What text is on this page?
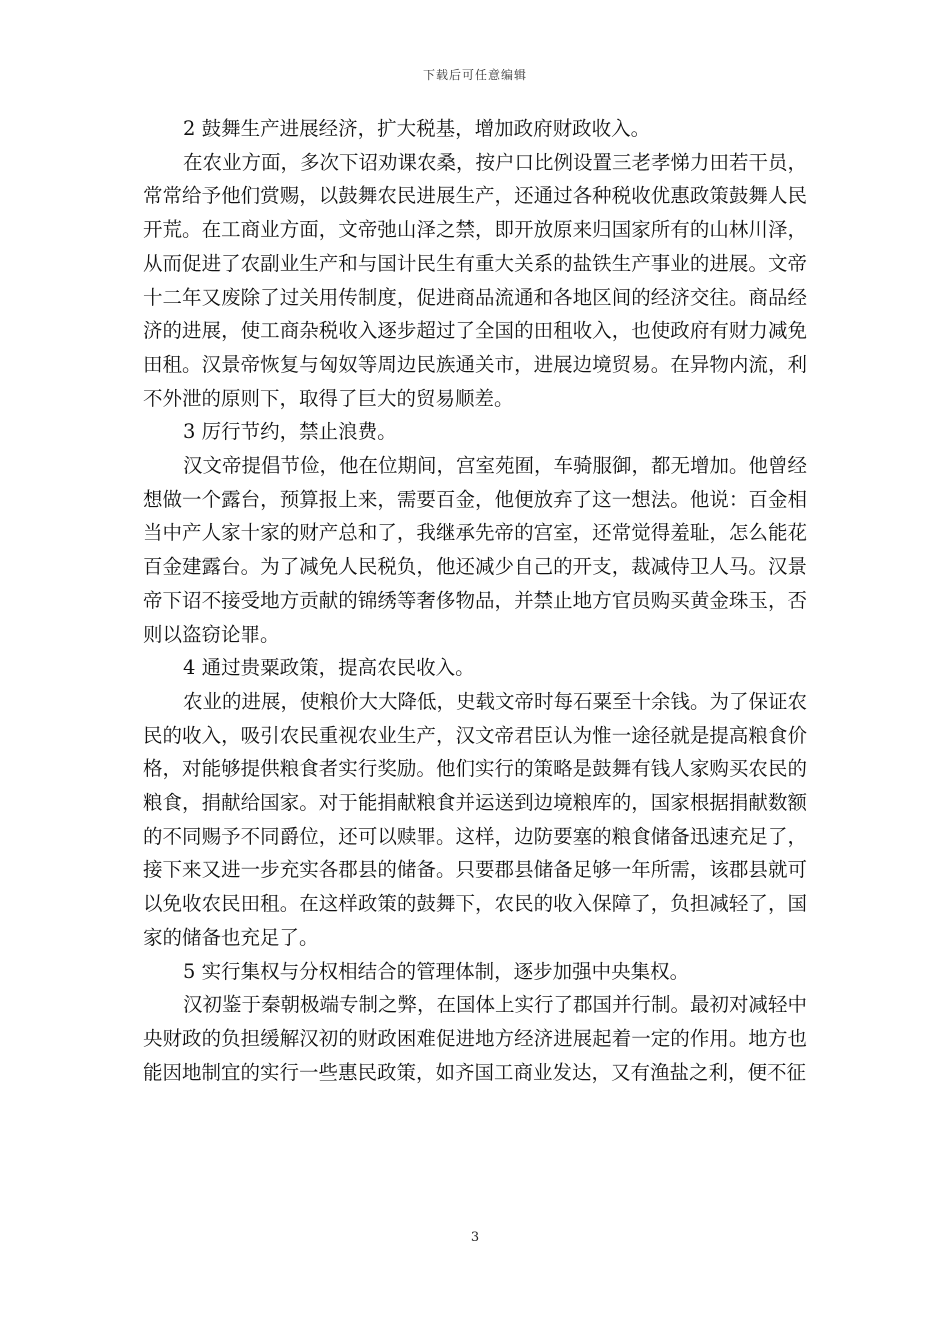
下载后可任意编辑

2 鼓舞生产进展经济，扩大税基，增加政府财政收入。

在农业方面，多次下诏劝课农桑，按户口比例设置三老孝悌力田若干员，常常给予他们赏赐，以鼓舞农民进展生产，还通过各种税收优惠政策鼓舞人民开荒。在工商业方面，文帝弛山泽之禁，即开放原来归国家所有的山林川泽，从而促进了农副业生产和与国计民生有重大关系的盐铁生产事业的进展。文帝十二年又废除了过关用传制度，促进商品流通和各地区间的经济交往。商品经济的进展，使工商杂税收入逐步超过了全国的田租收入，也使政府有财力减免田租。汉景帝恢复与匈奴等周边民族通关市，进展边境贸易。在异物内流，利不外泄的原则下，取得了巨大的贸易顺差。

3 厉行节约，禁止浪费。

汉文帝提倡节俭，他在位期间，宫室苑囿，车骑服御，都无增加。他曾经想做一个露台，预算报上来，需要百金，他便放弃了这一想法。他说：百金相当中产人家十家的财产总和了，我继承先帝的宫室，还常觉得羞耻，怎么能花百金建露台。为了减免人民税负，他还减少自己的开支，裁减侍卫人马。汉景帝下诏不接受地方贡献的锦绣等奢侈物品，并禁止地方官员购买黄金珠玉，否则以盗窃论罪。

4 通过贵粟政策，提高农民收入。

农业的进展，使粮价大大降低，史载文帝时每石粟至十余钱。为了保证农民的收入，吸引农民重视农业生产，汉文帝君臣认为惟一途径就是提高粮食价格，对能够提供粮食者实行奖励。他们实行的策略是鼓舞有钱人家购买农民的粮食，捐献给国家。对于能捐献粮食并运送到边境粮库的，国家根据捐献数额的不同赐予不同爵位，还可以赎罪。这样，边防要塞的粮食储备迅速充足了，接下来又进一步充实各郡县的储备。只要郡县储备足够一年所需，该郡县就可以免收农民田租。在这样政策的鼓舞下，农民的收入保障了，负担减轻了，国家的储备也充足了。

5 实行集权与分权相结合的管理体制，逐步加强中央集权。

汉初鉴于秦朝极端专制之弊，在国体上实行了郡国并行制。最初对减轻中央财政的负担缓解汉初的财政困难促进地方经济进展起着一定的作用。地方也能因地制宜的实行一些惠民政策，如齐国工商业发达，又有渔盐之利，便不征

3
